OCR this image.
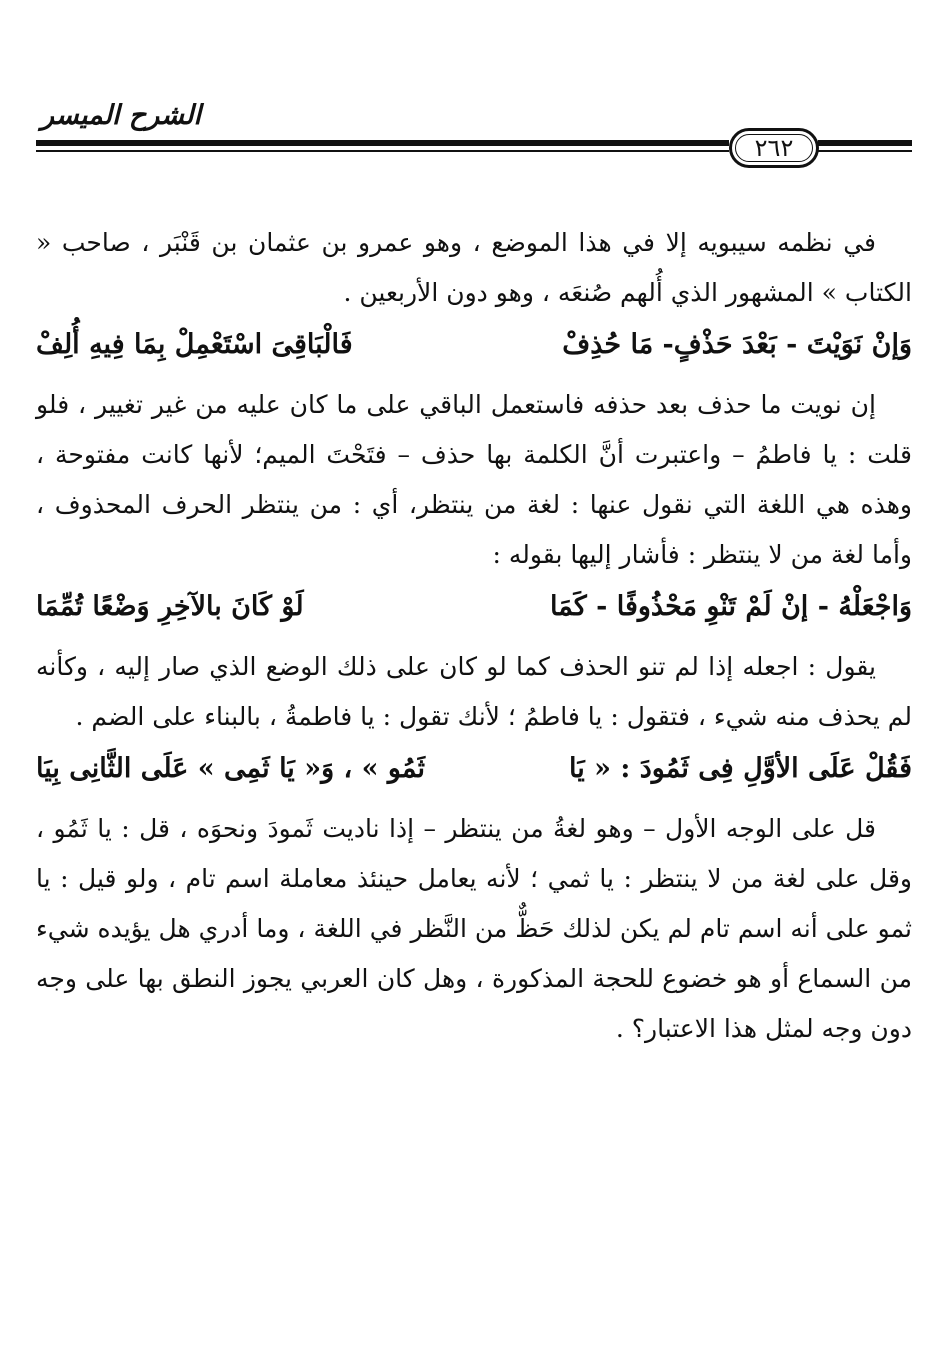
الشرح الميسر
٢٦٢

في نظمه سيبويه إلا في هذا الموضع ، وهو عمرو بن عثمان بن قَنْبَر ، صاحب « الكتاب » المشهور الذي أُلهم صُنعَه ، وهو دون الأربعين .

وَإنْ نَوَيْتَ - بَعْدَ حَذْفٍ- مَا حُذِفْ
فَالْبَاقِىَ اسْتَعْمِلْ بِمَا فِيهِ أُلِفْ

إن نويت ما حذف بعد حذفه فاستعمل الباقي على ما كان عليه من غير تغيير ، فلو قلت : يا فاطمُ – واعتبرت أنَّ الكلمة بها حذف – فتَحْتَ الميم؛ لأنها كانت مفتوحة ، وهذه هي اللغة التي نقول عنها : لغة من ينتظر، أي : من ينتظر الحرف المحذوف ، وأما لغة من لا ينتظر : فأشار إليها بقوله :

وَاجْعَلْهُ - إنْ لَمْ تَنْوِ مَحْذُوفًا - كَمَا
لَوْ كَانَ بالآخِرِ وَضْعًا تُمِّمَا

يقول : اجعله إذا لم تنو الحذف كما لو كان على ذلك الوضع الذي صار إليه ، وكأنه لم يحذف منه شيء ، فتقول : يا فاطمُ ؛ لأنك تقول : يا فاطمةُ ، بالبناء على الضم .

فَقُلْ عَلَى الأوَّلِ فِى ثَمُودَ : « يَا
ثَمُو » ، وَ« يَا ثَمِى » عَلَى الثَّانِى بِيَا

قل على الوجه الأول – وهو لغةُ من ينتظر – إذا ناديت ثَمودَ ونحوَه ، قل : يا ثَمُو ، وقل على لغة من لا ينتظر : يا ثمي ؛ لأنه يعامل حينئذ معاملة اسم تام ، ولو قيل : يا ثمو على أنه اسم تام لم يكن لذلك حَظٌّ من النَّظر في اللغة ، وما أدري هل يؤيده شيء من السماع أو هو خضوع للحجة المذكورة ، وهل كان العربي يجوز النطق بها على وجه دون وجه لمثل هذا الاعتبار؟ .
